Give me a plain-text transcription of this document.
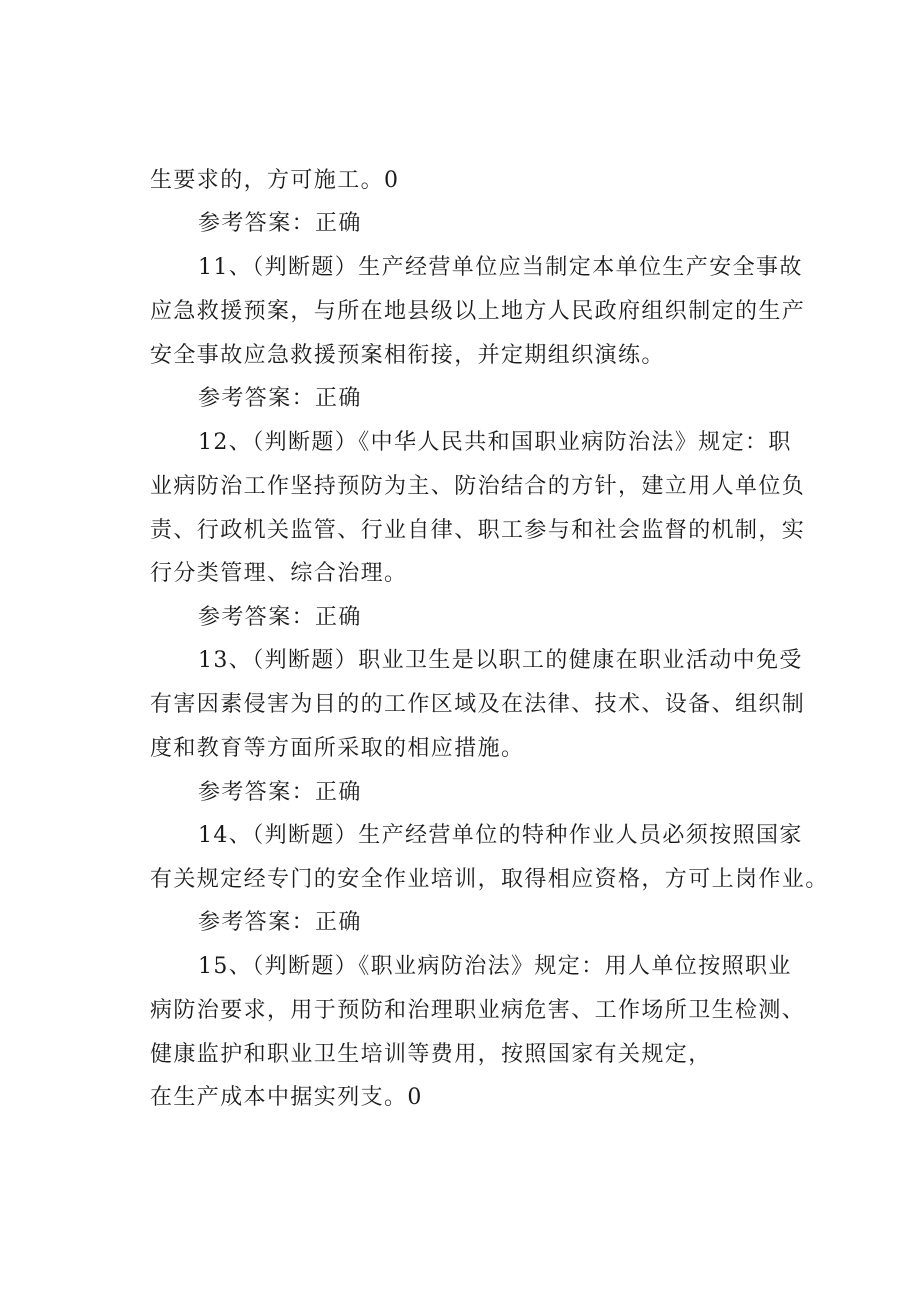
生要求的，方可施工。0
参考答案：正确
11、（判断题）生产经营单位应当制定本单位生产安全事故
应急救援预案，与所在地县级以上地方人民政府组织制定的生产
安全事故应急救援预案相衔接，并定期组织演练。
参考答案：正确
12、（判断题）《中华人民共和国职业病防治法》规定：职
业病防治工作坚持预防为主、防治结合的方针，建立用人单位负
责、行政机关监管、行业自律、职工参与和社会监督的机制，实
行分类管理、综合治理。
参考答案：正确
13、（判断题）职业卫生是以职工的健康在职业活动中免受
有害因素侵害为目的的工作区域及在法律、技术、设备、组织制
度和教育等方面所采取的相应措施。
参考答案：正确
14、（判断题）生产经营单位的特种作业人员必须按照国家
有关规定经专门的安全作业培训，取得相应资格，方可上岗作业。
参考答案：正确
15、（判断题）《职业病防治法》规定：用人单位按照职业
病防治要求，用于预防和治理职业病危害、工作场所卫生检测、
健康监护和职业卫生培训等费用，按照国家有关规定，
在生产成本中据实列支。0
